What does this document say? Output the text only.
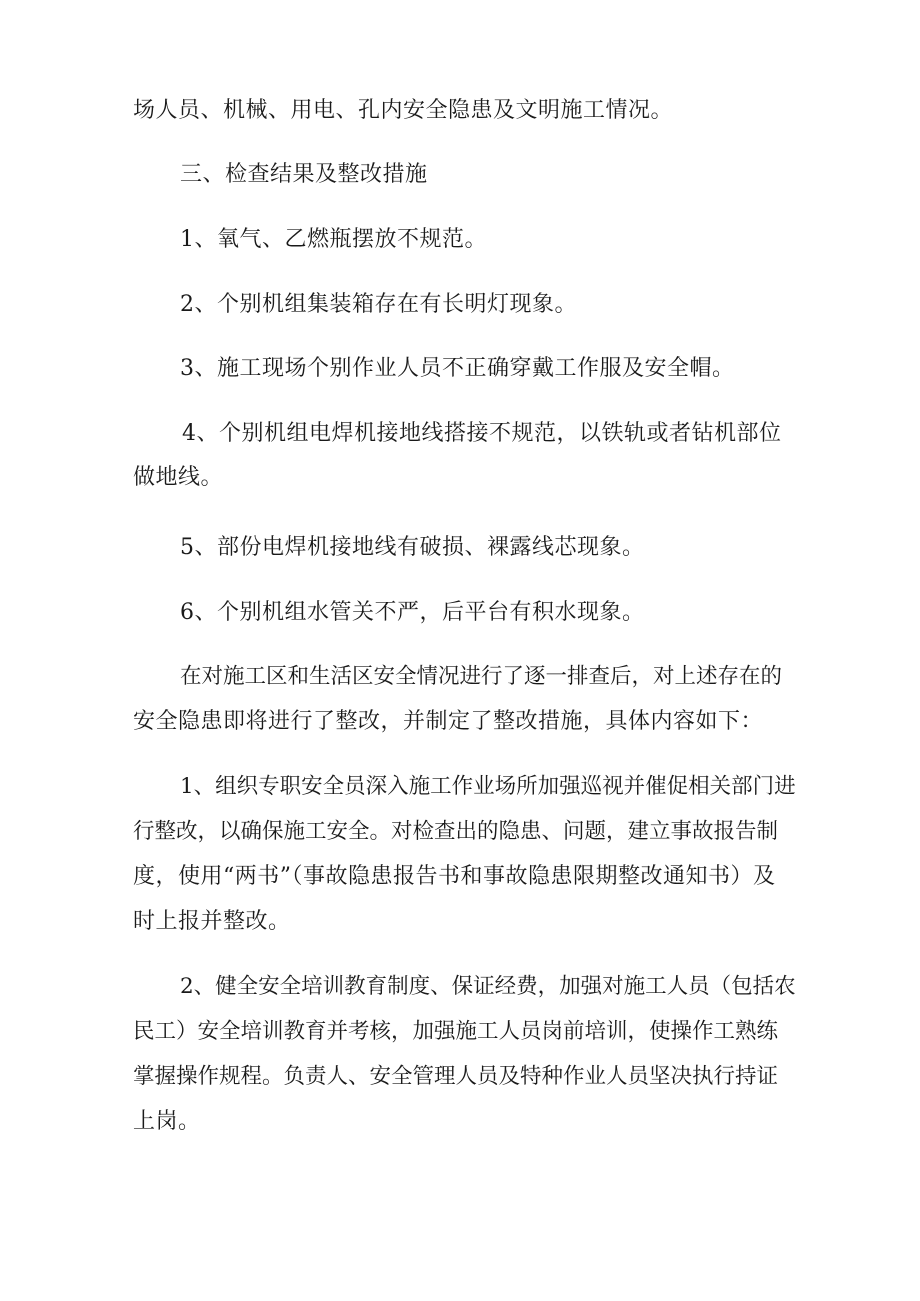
场人员、机械、用电、孔内安全隐患及文明施工情况。
三、检查结果及整改措施
1、氧气、乙燃瓶摆放不规范。
2、个别机组集装箱存在有长明灯现象。
3、施工现场个别作业人员不正确穿戴工作服及安全帽。
4、个别机组电焊机接地线搭接不规范，以铁轨或者钻机部位
做地线。
5、部份电焊机接地线有破损、裸露线芯现象。
6、个别机组水管关不严，后平台有积水现象。
在对施工区和生活区安全情况进行了逐一排查后，对上述存在的
安全隐患即将进行了整改，并制定了整改措施，具体内容如下：
1、组织专职安全员深入施工作业场所加强巡视并催促相关部门进
行整改，以确保施工安全。对检查出的隐患、问题，建立事故报告制
度，使用“两书”（事故隐患报告书和事故隐患限期整改通知书）及
时上报并整改。
2、健全安全培训教育制度、保证经费，加强对施工人员（包括农
民工）安全培训教育并考核，加强施工人员岗前培训，使操作工熟练
掌握操作规程。负责人、安全管理人员及特种作业人员坚决执行持证
上岗。
